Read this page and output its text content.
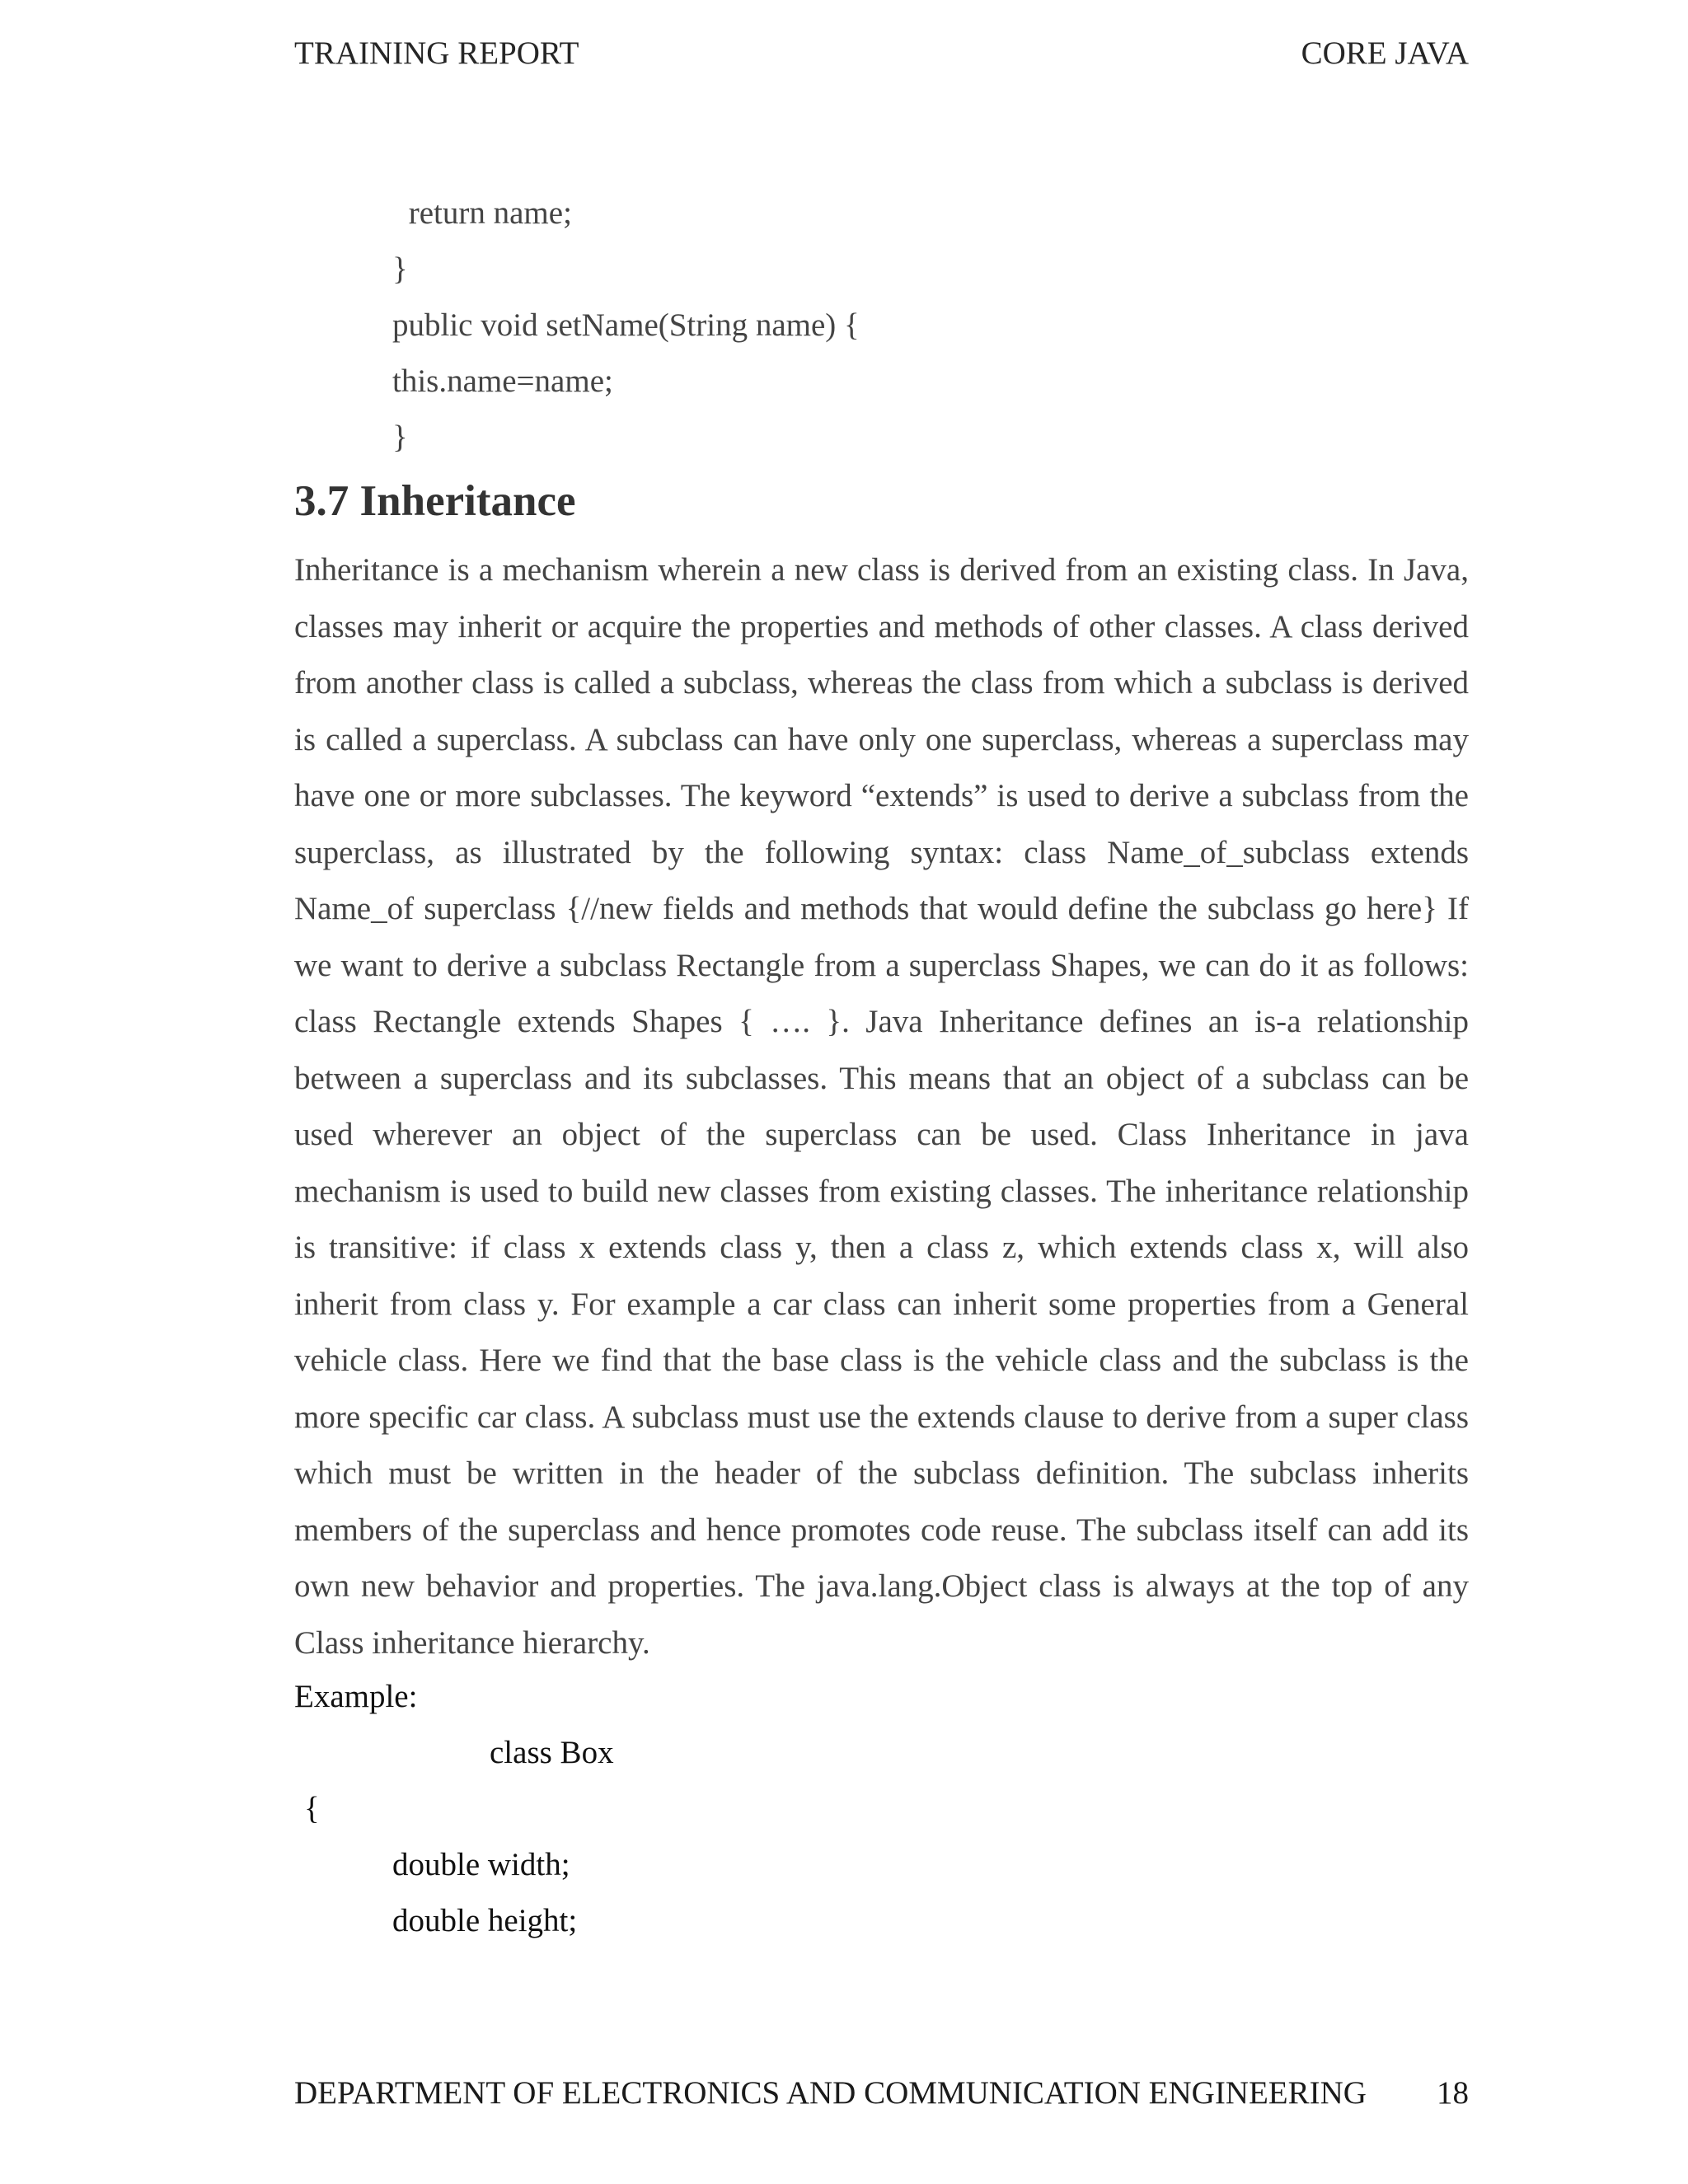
TRAINING REPORT	CORE JAVA
return name;
}
public void setName(String name) {
this.name=name;
}
3.7 Inheritance

Inheritance is a mechanism wherein a new class is derived from an existing class. In Java, classes may inherit or acquire the properties and methods of other classes. A class derived from another class is called a subclass, whereas the class from which a subclass is derived is called a superclass. A subclass can have only one superclass, whereas a superclass may have one or more subclasses. The keyword “extends” is used to derive a subclass from the superclass, as illustrated by the following syntax: class Name_of_subclass extends Name_of superclass {//new fields and methods that would define the subclass go here} If we want to derive a subclass Rectangle from a superclass Shapes, we can do it as follows: class Rectangle extends Shapes { …. }. Java Inheritance defines an is-a relationship between a superclass and its subclasses. This means that an object of a subclass can be used wherever an object of the superclass can be used. Class Inheritance in java mechanism is used to build new classes from existing classes. The inheritance relationship is transitive: if class x extends class y, then a class z, which extends class x, will also inherit from class y. For example a car class can inherit some properties from a General vehicle class. Here we find that the base class is the vehicle class and the subclass is the more specific car class. A subclass must use the extends clause to derive from a super class which must be written in the header of the subclass definition. The subclass inherits members of the superclass and hence promotes code reuse. The subclass itself can add its own new behavior and properties. The java.lang.Object class is always at the top of any Class inheritance hierarchy.

Example:
class Box
{
double width;
double height;
DEPARTMENT OF ELECTRONICS AND COMMUNICATION ENGINEERING 18
